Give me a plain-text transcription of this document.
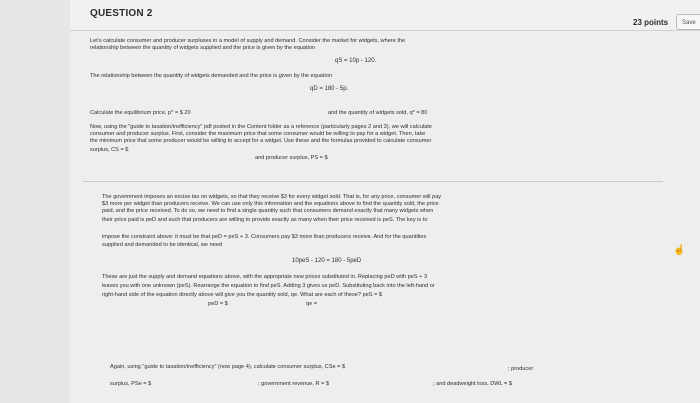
QUESTION 2
23 points	Save
Let's calculate consumer and producer surpluses in a model of supply and demand. Consider the market for widgets, where the
relationship between the quantity of widgets supplied and the price is given by the equation
qS = 10p - 120.
The relationship between the quantity of widgets demanded and the price is given by the equation
qD = 180 - 5p.
Calculate the equilibrium price, p* = $ 20	and the quantity of widgets sold, q* = 80
Now, using the "guide to taxation/inefficiency" pdf posted in the Content folder as a reference (particularly pages 2 and 3), we will calculate
consumer and producer surplus. First, consider the maximum price that some consumer would be willing to pay for a widget. Then, take
the minimum price that some producer would be willing to accept for a widget. Use these and the formulas provided to calculate consumer
surplus, CS = $
and producer surplus, PS = $
The government imposes an excise tax on widgets, so that they receive $3 for every widget sold. That is, for any price, consumer will pay
$3 more per widget than producers receive. We can use only this information and the equations above to find the quantity sold, the price
paid, and the price received. To do so, we need to find a single quantity such that consumers demand exactly that many widgets when
their price paid is peD and such that producers are willing to provide exactly as many when their price received is peS. The key is to
impose the constraint above: it must be that peD = peS + 3. Consumers pay $3 more than producers receive. And for the quantities
supplied and demanded to be identical, we need
10peS - 120 = 180 - 5peD
These are just the supply and demand equations above, with the appropriate new prices substituted in. Replacing peD with peS + 3
leaves you with one unknown (peS). Rearrange the equation to find peS. Adding 3 gives us peD. Substituting back into the left-hand or
right-hand side of the equation directly above will give you the quantity sold, qe. What are each of these? peS = $
peD = $	qe =
Again, using "guide to taxation/inefficiency" (now page 4), calculate consumer surplus, CSe = $	; producer
surplus, PSe = $	; government revenue, R = $	; and deadweight loss, DWL = $
☝
